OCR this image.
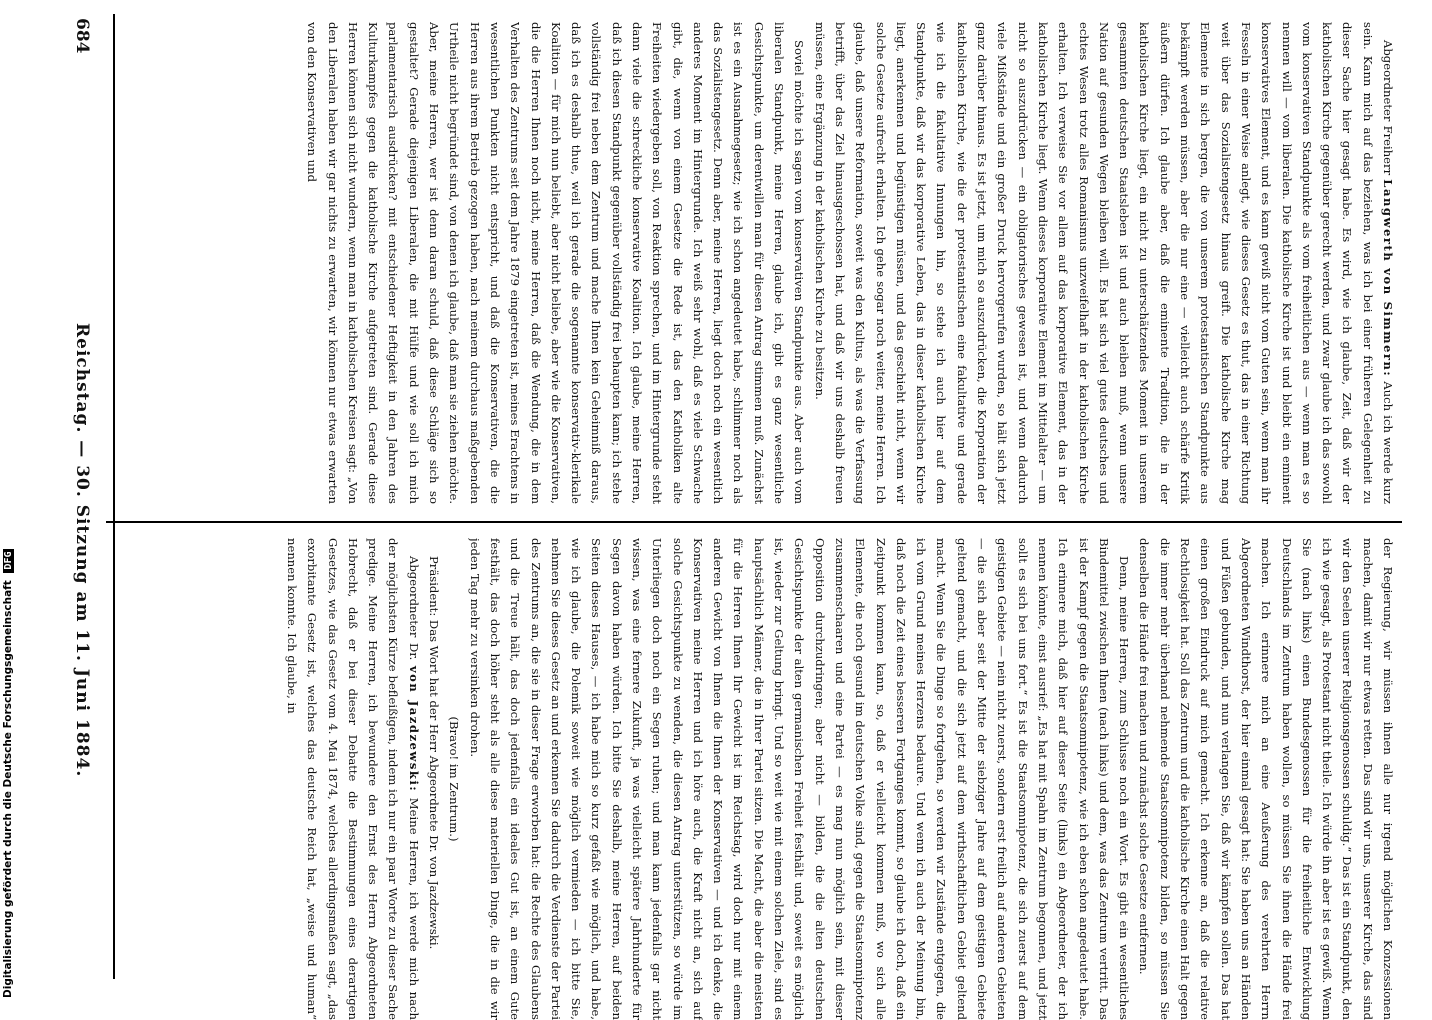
684
Reichstag. — 30. Sitzung am 11. Juni 1884.

Abgeordneter Freiherr Langwerth von Simmern: Auch ich werde kurz sein. Kann mich auf das beziehen, was ich bei einer früheren Gelegenheit zu dieser Sache hier gesagt habe. Es wird, wie ich glaube, Zeit, daß wir der katholischen Kirche gegenüber gerecht werden, und zwar glaube ich das sowohl vom konservativen Standpunkte als vom freiheitlichen aus — wenn man es so nennen will — vom liberalen. Die katholische Kirche ist und bleibt ein eminent konservatives Element, und es kann gewiß nicht vom Guten sein, wenn man ihr Fesseln in einer Weise anlegt, wie dieses Gesetz es thut, das in einer Richtung weit über das Sozialistengesetz hinaus greift. Die katholische Kirche mag Elemente in sich bergen, die von unserem protestantischen Standpunkte aus bekämpft werden müssen, aber die nur eine — vielleicht auch schärfe Kritik äußern dürfen. Ich glaube aber, daß die eminente Tradition, die in der katholischen Kirche liegt, ein nicht zu unterschätzendes Moment in unserem gesammten deutschen Staatsleben ist und auch bleiben muß, wenn unsere Nation auf gesunden Wegen bleiben will. Es hat sich viel gutes deutsches und echtes Wesen trotz alles Romanismus unzweifelhaft in der katholischen Kirche erhalten. Ich verweise Sie vor allem auf das korporative Element, das in der katholischen Kirche liegt. Wenn dieses korporative Element im Mittelalter — um nicht so auszudrücken — ein obligatorisches gewesen ist, und wenn dadurch viele Mißstände und ein großer Druck hervorgerufen wurden, so hält sich jetzt ganz darüber hinaus. Es ist jetzt, um mich so auszudrücken, die Korporation der katholischen Kirche, wie die der protestantischen eine fakultative und gerade wie ich die fakultative Innungen hin, so stehe ich auch hier auf dem Standpunkte, daß wir das korporative Leben, das in dieser katholischen Kirche liegt, anerkennen und begünstigen müssen, und das geschieht nicht, wenn wir solche Gesetze aufrecht erhalten. Ich gehe sogar noch weiter, meine Herren. Ich glaube, daß unsere Reformation, soweit was den Kultus, als was die Verfassung betrifft, über das Ziel hinausgeschossen hat, und daß wir uns deshalb freuen müssen, eine Ergänzung in der katholischen Kirche zu besitzen.

Soviel möchte ich sagen vom konservativen Standpunkte aus. Aber auch vom liberalen Standpunkt, meine Herren, glaube ich, gibt es ganz wesentliche Gesichtspunkte, um derentwillen man für diesen Antrag stimmen muß. Zunächst ist es ein Ausnahmegesetz; wie ich schon angedeutet habe, schlimmer noch als das Sozialistengesetz. Denn aber, meine Herren, liegt doch noch ein wesentlich anderes Moment im Hintergrunde. Ich weiß sehr wohl, daß es viele Schwache gibt, die, wenn von einem Gesetze die Rede ist, das den Katholiken alte Freiheiten wiedergeben soll, von Reaktion sprechen, und im Hintergrunde steht dann viele die schreckliche konservative Koalition. Ich glaube, meine Herren, daß ich diesen Standpunkt gegenüber vollständig frei behaupten kann; ich stehe vollständig frei neben dem Zentrum und mache Ihnen kein Geheimniß daraus, daß ich es deshalb thue, weil ich gerade die sogenannte konservativ-klerikale Koalition — für mich nun beliebt, aber nicht beliebe, aber wie die Konservativen, die die Herren Ihnen noch nicht, meine Herren, daß die Wendung, die in dem Verhalten des Zentrums seit dem Jahre 1879 eingetreten ist, meines Erachtens in wesentlichen Punkten nicht entspricht, und daß die Konservativen, die die Herren aus ihrem Betrieb gezogen haben, nach meinem durchaus maßgebenden Urtheile nicht begründet sind, von denen ich glaube, daß man sie ziehen möchte. Aber, meine Herren, wer ist denn daran schuld, daß diese Schläge sich so gestaltet? Gerade diejenigen Liberalen, die mit Hülfe und wie soll ich mich parlamentarisch ausdrücken? mit entschiedener Heftigkeit in den Jahren des Kulturkampfes gegen die katholische Kirche aufgetreten sind. Gerade diese Herren können sich nicht wundern, wenn man in katholischen Kreisen sagt: „Von den Liberalen haben wir gar nichts zu erwarten, wir können nur etwas erwarten von den Konservativen und

der Regierung, wir müssen ihnen alle nur irgend möglichen Konzessionen machen, damit wir nur etwas retten. Das sind wir uns, unserer Kirche, das sind wir den Seelen unserer Religionsgenossen schuldig.“ Das ist ein Standpunkt, den ich wie gesagt, als Protestant nicht theile. Ich würde ihn aber ist es gewiß. Wenn Sie (nach links) einen Bundesgenossen für die freiheitliche Entwicklung Deutschlands im Zentrum haben wollen, so müssen Sie ihnen die Hände frei machen. Ich erinnere mich an eine Aeußerung des verehrten Herrn Abgeordneten Windthorst, der hier einmal gesagt hat: Sie haben uns an Händen und Füßen gebunden, und nun verlangen Sie, daß wir kämpfen sollen. Das hat einen großen Eindruck auf mich gemacht. Ich erkenne an, daß die relative Rechtlosigkeit hat. Soll das Zentrum und die katholische Kirche einen Halt gegen die immer mehr überhand nehmende Staatsomnipotenz bilden, so müssen Sie denselben die Hände frei machen und zunächst solche Gesetze entfernen.

Denn, meine Herren, zum Schlusse noch ein Wort. Es gibt ein wesentliches Bindemittel zwischen Ihnen (nach links) und dem, was das Zentrum vertritt. Das ist der Kampf gegen die Staatsomnipotenz, wie ich eben schon angedeutet habe. Ich erinnere mich, daß hier auf dieser Seite (links) ein Abgeordneter, der ich nennen könnte, einst ausrief: „Es hat mit Spahn im Zentrum begonnen, und jetzt sollt es sich bei uns fort.“ Es ist die Staatsomnipotenz, die sich zuerst auf dem geistigen Gebiete — nein nicht zuerst, sondern erst freilich auf anderen Gebieten — die sich aber seit der Mitte der siebziger Jahre auf dem geistigen Gebiete geltend gemacht, und die sich jetzt auf dem wirthschaftlichen Gebiet geltend macht. Wenn Sie die Dinge so fortgehen, so werden wir Zustände entgegen, die ich vom Grund meines Herzens bedaure. Und wenn ich auch der Meinung bin, daß noch die Zeit eines besseren Fortganges kommt, so glaube ich doch, daß ein Zeitpunkt kommen kann, so, daß er vielleicht kommen muß, wo sich alle Elemente, die noch gesund im deutschen Volke sind, gegen die Staatsomnipotenz zusammenschaaren und eine Partei — es mag nun möglich sein, mit dieser Opposition durchzudringen; aber nicht — bilden, die die alten deutschen Gesichtspunkte der alten germanischen Freiheit festhält und, soweit es möglich ist, wieder zur Geltung bringt. Und so weit wie mit einem solchen Ziele, sind es hauptsächlich Männer, die in Ihrer Partei sitzen. Die Macht, die aber die meisten für die Herren Ihnen Ihr Gewicht ist im Reichstag, wird doch nur mit einem anderen Gewicht von Ihnen die Ihnen der Konservativen — und ich denke, die Konservativen meine Herren und ich höre auch, die Kraft nicht an, sich auf solche Gesichtspunkte zu wenden, die diesen Antrag unterstützen, so würde im Unterliegen doch noch ein Segen ruhen; und man kann jedenfalls gar nicht wissen, was eine fernere Zukunft, ja was vielleicht spätere Jahrhunderte für Segen davon haben würden. Ich bitte Sie deshalb, meine Herren, auf beiden Seiten dieses Hauses, — ich habe mich so kurz gefaßt wie möglich, und habe, wie ich glaube, die Polemik soweit wie möglich vermieden — ich bitte Sie, nehmen Sie dieses Gesetz an und erkennen Sie dadurch die Verdienste der Partei des Zentrums an, die sie in dieser Frage erworben hat: die Rechte des Glaubens und die Treue hält, das doch jedenfalls ein ideales Gut ist, an einem Gute festhält, das doch höher steht als alle diese materiellen Dinge, die in die wir jeden Tag mehr zu versinken drohen.

(Bravo! im Zentrum.)

Präsident: Das Wort hat der Herr Abgeordnete Dr. von Jazdzewski.

Abgeordneter Dr. von Jazdzewski: Meine Herren, ich werde mich nach der möglichsten Kürze befleißigen, indem ich nur ein paar Worte zu dieser Sache predige. Meine Herren, ich bewundere den Ernst des Herrn Abgeordneten Hobrecht, daß er bei dieser Debatte die Bestimmungen eines derartigen Gesetzes, wie das Gesetz vom 4. Mai 1874, welches allerdingsmaßen sagt, „das exorbitante Gesetz ist, welches das deutsche Reich hat, „weise und human“ nennen konnte. Ich glaube, in

Digitalisierung gefördert durch die Deutsche Forschungsgemeinschaft DFG
